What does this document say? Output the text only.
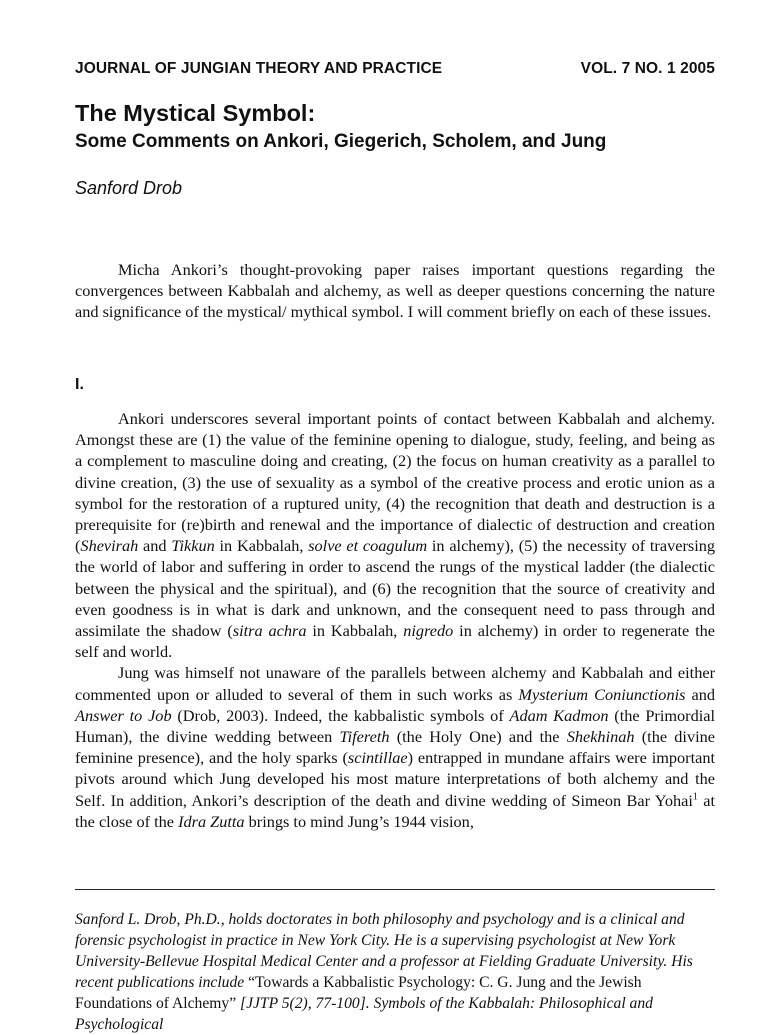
JOURNAL OF JUNGIAN THEORY AND PRACTICE	VOL. 7 NO. 1 2005
The Mystical Symbol:
Some Comments on Ankori, Giegerich, Scholem, and Jung
Sanford Drob

Micha Ankori’s thought-provoking paper raises important questions regarding the convergences between Kabbalah and alchemy, as well as deeper questions concerning the nature and significance of the mystical/ mythical symbol. I will comment briefly on each of these issues.

I.

Ankori underscores several important points of contact between Kabbalah and alchemy. Amongst these are (1) the value of the feminine opening to dialogue, study, feeling, and being as a complement to masculine doing and creating, (2) the focus on human creativity as a parallel to divine creation, (3) the use of sexuality as a symbol of the creative process and erotic union as a symbol for the restoration of a ruptured unity, (4) the recognition that death and destruction is a prerequisite for (re)birth and renewal and the importance of dialectic of destruction and creation (Shevirah and Tikkun in Kabbalah, solve et coagulum in alchemy), (5) the necessity of traversing the world of labor and suffering in order to ascend the rungs of the mystical ladder (the dialectic between the physical and the spiritual), and (6) the recognition that the source of creativity and even goodness is in what is dark and unknown, and the consequent need to pass through and assimilate the shadow (sitra achra in Kabbalah, nigredo in alchemy) in order to regenerate the self and world.

Jung was himself not unaware of the parallels between alchemy and Kabbalah and either commented upon or alluded to several of them in such works as Mysterium Coniunctionis and Answer to Job (Drob, 2003). Indeed, the kabbalistic symbols of Adam Kadmon (the Primordial Human), the divine wedding between Tifereth (the Holy One) and the Shekhinah (the divine feminine presence), and the holy sparks (scintillae) entrapped in mundane affairs were important pivots around which Jung developed his most mature interpretations of both alchemy and the Self. In addition, Ankori’s description of the death and divine wedding of Simeon Bar Yohai$^1$ at the close of the Idra Zutta brings to mind Jung’s 1944 vision,

Sanford L. Drob, Ph.D., holds doctorates in both philosophy and psychology and is a clinical and forensic psychologist in practice in New York City. He is a supervising psychologist at New York University-Bellevue Hospital Medical Center and a professor at Fielding Graduate University. His recent publications include “Towards a Kabbalistic Psychology: C. G. Jung and the Jewish Foundations of Alchemy” [JJTP 5(2), 77-100]. Symbols of the Kabbalah: Philosophical and Psychological
